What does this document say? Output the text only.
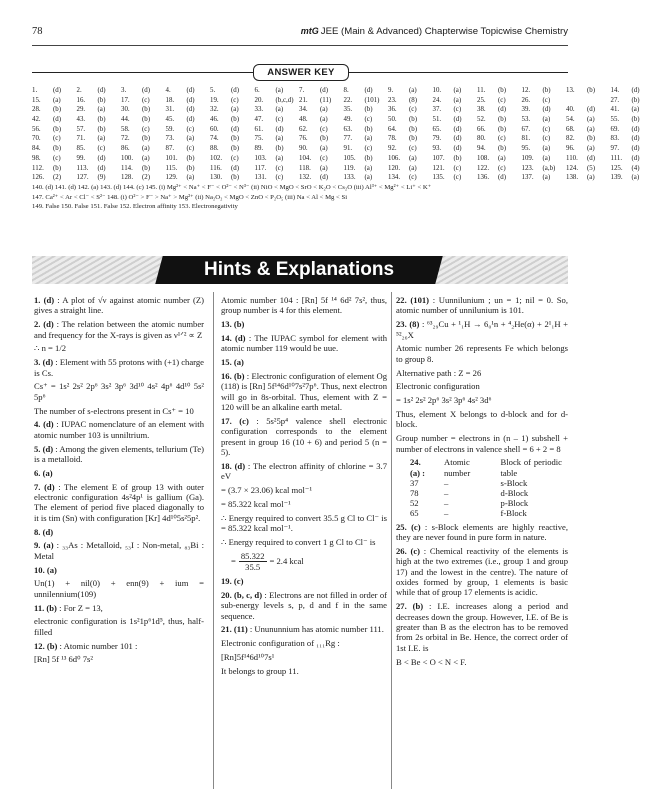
78	mtG JEE (Main & Advanced) Chapterwise Topicwise Chemistry
ANSWER KEY
1. (d)	2. (d)	3. (d)	4. (d)	5. (d)	6. (a)	7. (d)	8. (d)	9. (a)	10. (a)	11. (b)	12. (b)	13. (b)	14. (d)
15. (a)	16. (b)	17. (c)	18. (d)	19. (c)	20. (b,c,d) 21. (11)	22. (101)	23. (8)	24. (a)	25. (c)	26. (c)	27. (b)
28. (b)	29. (a)	30. (b)	31. (d)	32. (a)	33. (a)	34. (a)	35. (b)	36. (c)	37. (c)	38. (d)	39. (d)	40. (d)	41. (a)
42. (d)	43. (b)	44. (b)	45. (d)	46. (b)	47. (c)	48. (a)	49. (c)	50. (b)	51. (d)	52. (b)	53. (a)	54. (a)	55. (b)
56. (b)	57. (b)	58. (c)	59. (c)	60. (d)	61. (d)	62. (c)	63. (b)	64. (b)	65. (d)	66. (b)	67. (c)	68. (a)	69. (d)
70. (c)	71. (a)	72. (b)	73. (a)	74. (b)	75. (a)	76. (b)	77. (a)	78. (b)	79. (d)	80. (c)	81. (c)	82. (b)	83. (d)
84. (b)	85. (c)	86. (a)	87. (c)	88. (b)	89. (b)	90. (a)	91. (c)	92. (c)	93. (d)	94. (b)	95. (a)	96. (a)	97. (d)
98. (c)	99. (d)	100. (a)	101. (b)	102. (c)	103. (a)	104. (c)	105. (b)	106. (a)	107. (b)	108. (a)	109. (a)	110. (d)	111. (d)
112. (b)	113. (d)	114. (b)	115. (b)	116. (d)	117. (c)	118. (a)	119. (a)	120. (a)	121. (c)	122. (c)	123. (a,b)	124. (5)	125. (4)
126. (2)	127. (9)	128. (2)	129. (a)	130. (b)	131. (c)	132. (d)	133. (a)	134. (c)	135. (c)	136. (d)	137. (a)	138. (a)	139. (a)
140. (d) 141. (d) 142. (a) 143. (d) 144. (c) 145. (i) Mg²⁺ < Na⁺ < F⁻ < O²⁻ < N³⁻ (ii) NiO < MgO < SrO < K₂O < Cs₂O (iii) Al³⁺ < Mg²⁺ < Li⁺ < K⁺
147. Ca²⁺ < Ar < Cl⁻ < S²⁻ 148. (i) O²⁻ > F⁻ > Na⁺ > Mg²⁺ (ii) Na₂O₂ < MgO < ZnO < P₂O₅ (iii) Na < Al < Mg < Si
149. False 150. False 151. False 152. Electron affinity 153. Electronegativity
Hints & Explanations

1. (d) : A plot of √ν against atomic number (Z) gives a straight line.

2. (d) : The relation between the atomic number and frequency for the X-rays is given as ν¹ᐟ² ∝ Z

∴ n = 1/2

3. (d) : Element with 55 protons with (+1) charge is Cs.

Cs⁺ = 1s² 2s² 2p⁶ 3s² 3p⁶ 3d¹⁰ 4s² 4p⁶ 4d¹⁰ 5s² 5p⁶

The number of s-electrons present in Cs⁺ = 10

4. (d) : IUPAC nomenclature of an element with atomic number 103 is unniltrium.

5. (d) : Among the given elements, tellurium (Te) is a metalloid.

6. (a)

7. (d) : The element E of group 13 with outer electronic configuration 4s²4p¹ is gallium (Ga). The element of period five placed diagonally to it is tim (Sn) with configuration [Kr] 4d¹⁰5s²5p².

8. (d)

9. (a) : ₃₃As : Metalloid, ₅₃I : Non-metal, ₈₃Bi : Metal

10. (a)

Un(1) + nil(0) + enn(9) + ium = unnilennium(109)

11. (b) : For Z = 13,

electronic configuration is 1s²1p⁶1d⁵, thus, half-filled

12. (b) : Atomic number 101 :

[Rn] 5f ¹³ 6d⁰ 7s²

Atomic number 104 : [Rn] 5f ¹⁴ 6d² 7s², thus, group number is 4 for this element.

13. (b)

14. (d) : The IUPAC symbol for element with atomic number 119 would be uue.

15. (a)

16. (b) : Electronic configuration of element Og (118) is [Rn] 5f¹⁴6d¹⁰7s²7p⁶. Thus, next electron will go in 8s-orbital. Thus, element with Z = 120 will be an alkaline earth metal.

17. (c) : 5s²5p⁴ valence shell electronic configuration corresponds to the element present in group 16 (10 + 6) and period 5 (n = 5).

18. (d) : The electron affinity of chlorine = 3.7 eV

= (3.7 × 23.06) kcal mol⁻¹

= 85.322 kcal mol⁻¹

∴ Energy required to convert 35.5 g Cl to Cl⁻ is = 85.322 kcal mol⁻¹.

∴ Energy required to convert 1 g Cl to Cl⁻ is

= $\frac{85.322}{35.5} = 2.4$ kcal

19. (c)

20. (b, c, d) : Electrons are not filled in order of sub-energy levels s, p, d and f in the same sequence.

21. (11) : Unununnium has atomic number 111.

Electronic configuration of ₁₁₁Rg :

[Rn]5f¹⁴6d¹⁰7s¹

It belongs to group 11.

22. (101) : Uunnilunium ; un = 1; nil = 0. So, atomic number of unnilunium is 101.

23. (8) : ⁶³₂₉Cu + ¹₁H → 6₀¹n + ⁴₂He(α) + 2¹₁H + ⁵²₂₆X

Atomic number 26 represents Fe which belongs to group 8.

Alternative path : Z = 26

Electronic configuration

= 1s² 2s² 2p⁶ 3s² 3p⁶ 4s² 3d⁶

Thus, element X belongs to d-block and for d-block.

Group number = electrons in (n – 1) subshell + number of electrons in valence shell = 6 + 2 = 8

24. (a) :	Atomic number	Block of periodic table
37	–	s-Block
78	–	d-Block
52	–	p-Block
65	–	f-Block

25. (c) : s-Block elements are highly reactive, they are never found in pure form in nature.

26. (c) : Chemical reactivity of the elements is high at the two extremes (i.e., group 1 and group 17) and the lowest in the centre). The nature of oxides formed by group, 1 elements is basic while that of group 17 elements is acidic.

27. (b) : I.E. increases along a period and decreases down the group. However, I.E. of Be is greater than B as the electron has to be removed from 2s orbital in Be. Hence, the correct order of 1st I.E. is

B < Be < O < N < F.
